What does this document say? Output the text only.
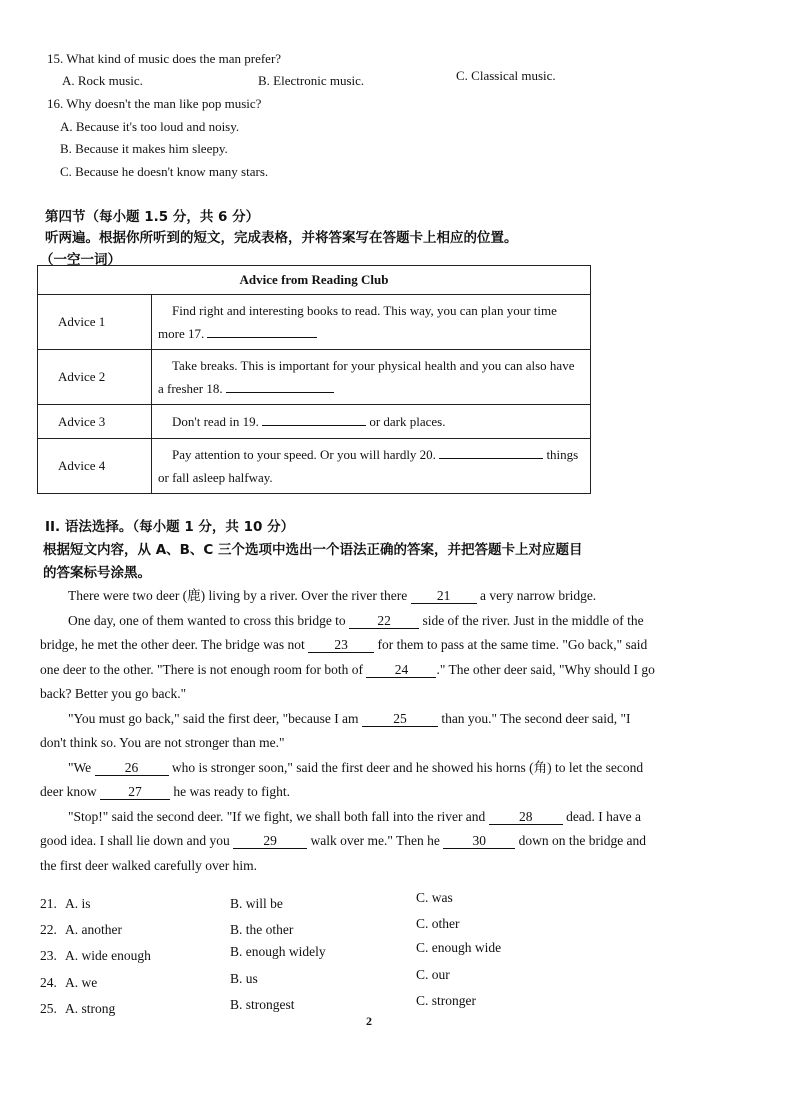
15. What kind of music does the man prefer?
A. Rock music.	B. Electronic music.	C. Classical music.
16. Why doesn't the man like pop music?
A. Because it's too loud and noisy.
B. Because it makes him sleepy.
C. Because he doesn't know many stars.
第四节（每小题 1.5 分，共 6 分）
听两遍。根据你所听到的短文，完成表格，并将答案写在答题卡上相应的位置。
（一空一词）
Advice from Reading Club	
Advice 1	Find right and interesting books to read. This way, you can plan your time
more 17.
Advice 2	Take breaks. This is important for your physical health and you can also have
a fresher 18.
Advice 3	Don't read in 19. or dark places.
Advice 4	Pay attention to your speed. Or you will hardly 20. things
or fall asleep halfway.
II. 语法选择。（每小题 1 分，共 10 分）
根据短文内容，从 A、B、C 三个选项中选出一个语法正确的答案，并把答题卡上对应题目
的答案标号涂黑。
There were two deer (鹿) living by a river. Over the river there 21 a very narrow bridge.
One day, one of them wanted to cross this bridge to 22 side of the river. Just in the middle of the
bridge, he met the other deer. The bridge was not 23 for them to pass at the same time. "Go back," said
one deer to the other. "There is not enough room for both of 24 ." The other deer said, "Why should I go
back? Better you go back."
"You must go back," said the first deer, "because I am	25	than you." The second deer said, "I
don't think so. You are not stronger than me."
"We 26 who is stronger soon," said the first deer and he showed his horns (角) to let the second
deer know 27 he was ready to fight.
"Stop!" said the second deer. "If we fight, we shall both fall into the river and 28 dead. I have a
good idea. I shall lie down and you 29 walk over me." Then he 30 down on the bridge and
the first deer walked carefully over him.
21. A. is	B. will be	C. was
22. A. another	B. the other	C. other
23. A. wide enough	B. enough widely	C. enough wide
24. A. we	B. us	C. our
25. A. strong	B. strongest	C. stronger
2
